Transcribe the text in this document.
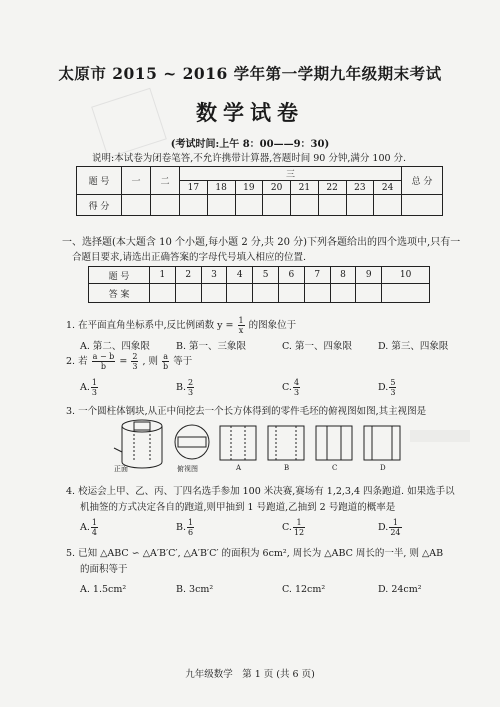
太原市 2015 ~ 2016 学年第一学期九年级期末考试
数学试卷
(考试时间:上午 8：00——9：30)
说明:本试卷为闭卷笔答,不允许携带计算器,答题时间 90 分钟,满分 100 分.
题 号	一	二	三								总 分
			17	18	19	20	21	22	23	24	
得 分											
一、选择题(本大题含 10 个小题,每小题 2 分,共 20 分)下列各题给出的四个选项中,只有一
合题目要求,请选出正确答案的字母代号填入相应的位置.
题 号	1	2	3	4	5	6	7	8	9	10
答 案										
1. 在平面直角坐标系中,反比例函数 $y = \frac{1}{x}$ 的图象位于
A. 第二、四象限	B. 第一、三象限	C. 第一、四象限	D. 第三、四象限
2. 若 $\frac{a - b}{b} = \frac{2}{3}$ , 则 $\frac{a}{b}$ 等于
A. $\frac{1}{3}$	B. $\frac{2}{3}$	C. $\frac{4}{3}$	D. $\frac{5}{3}$
3. 一个圆柱体钢块,从正中间挖去一个长方体得到的零件毛坯的俯视图如图,其主视图是
正面	俯视图	A	B	C	D
4. 校运会上甲、乙、丙、丁四名选手参加 100 米决赛,赛场有 1,2,3,4 四条跑道. 如果选手以
机抽签的方式决定各自的跑道,则甲抽到 1 号跑道,乙抽到 2 号跑道的概率是
A. $\frac{1}{4}$	B. $\frac{1}{6}$	C. $\frac{1}{12}$	D. $\frac{1}{24}$
5. 已知 △ABC ∽ △A′B′C′, △A′B′C′ 的面积为 6cm², 周长为 △ABC 周长的一半, 则 △AB
的面积等于
A. 1.5cm²	B. 3cm²	C. 12cm²	D. 24cm²
九年级数学　第 1 页 (共 6 页)
